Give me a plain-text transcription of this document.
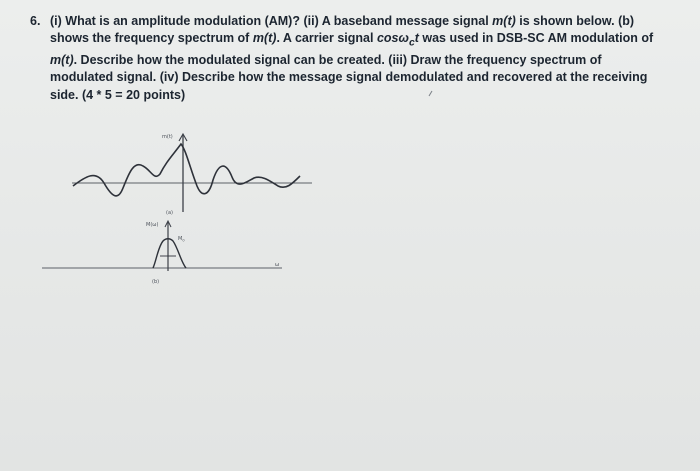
6. (i) What is an amplitude modulation (AM)? (ii) A baseband message signal m(t) is shown below. (b)
shows the frequency spectrum of m(t). A carrier signal cosω$_c$t was used in DSB-SC AM modulation of
m(t). Describe how the modulated signal can be created. (iii) Draw the frequency spectrum of
modulated signal. (iv) Describe how the message signal demodulated and recovered at the receiving
side. (4 * 5 = 20 points)
m(t)
(a)
M(ω)
$M_0$
(b)
ω
